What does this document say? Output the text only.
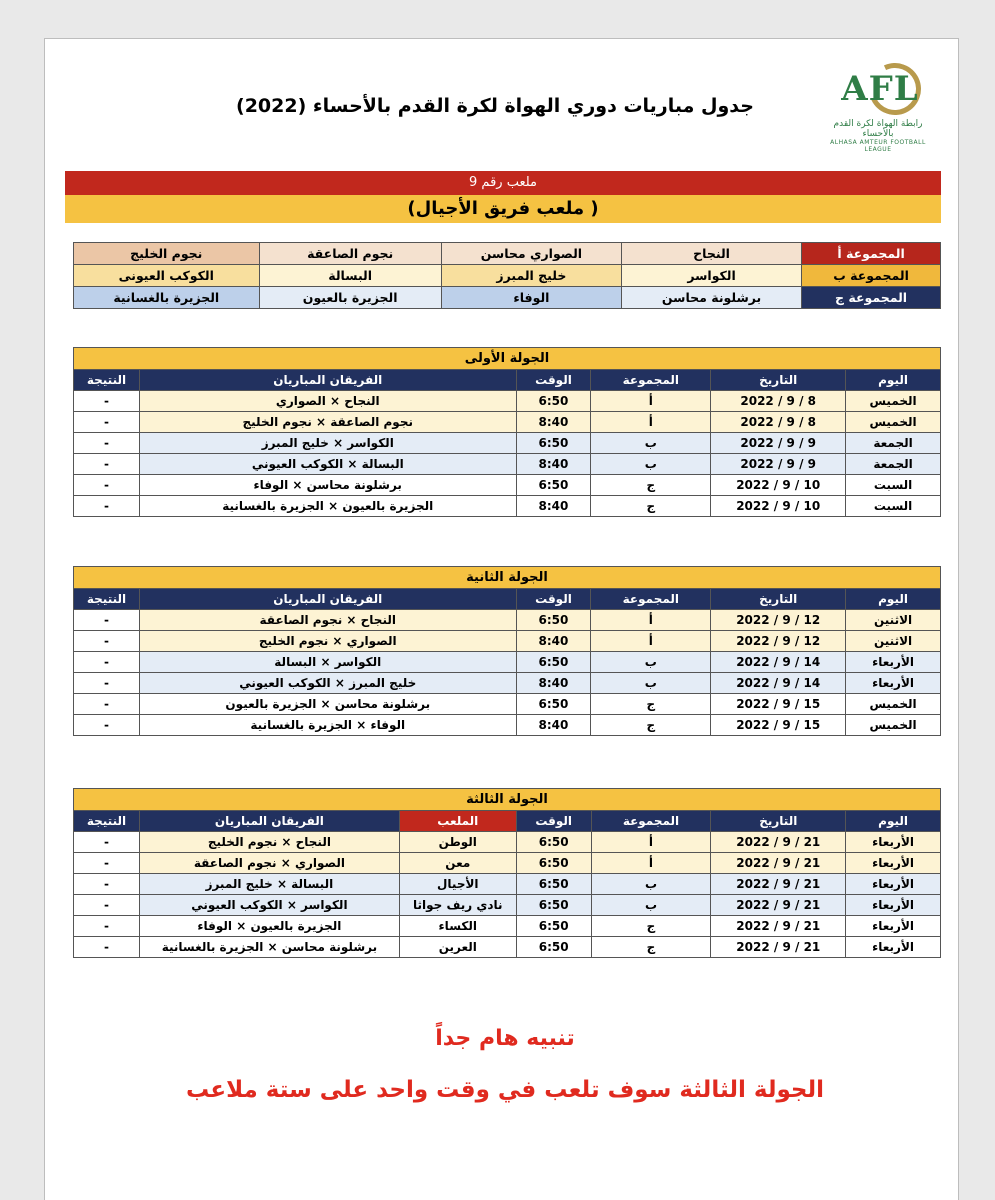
AFL
رابطة الهواة لكرة القدم بالأحساء
ALHASA AMTEUR FOOTBALL LEAGUE
جدول مباريات دوري الهواة لكرة القدم بالأحساء (2022)
ملعب رقم 9
( ملعب فريق الأجيال)
المجموعة أ	النجاح	الصواري محاسن	نجوم الصاعقة	نجوم الخليج
المجموعة ب	الكواسر	خليج المبرز	البسالة	الكوكب العيونى
المجموعة ج	برشلونة محاسن	الوفاء	الجزيرة بالعيون	الجزيرة بالغسانية
الجولة الأولى					
اليوم	التاريخ	المجموعة	الوقت	الفريقان المباريان	النتيجة
الخميس	8 / 9 / 2022	أ	6:50	النجاح × الصواري	-
الخميس	8 / 9 / 2022	أ	8:40	نجوم الصاعقة × نجوم الخليج	-
الجمعة	9 / 9 / 2022	ب	6:50	الكواسر × خليج المبرز	-
الجمعة	9 / 9 / 2022	ب	8:40	البسالة × الكوكب العيوني	-
السبت	10 / 9 / 2022	ج	6:50	برشلونة محاسن × الوفاء	-
السبت	10 / 9 / 2022	ج	8:40	الجزيرة بالعيون × الجزيرة بالغسانية	-
الجولة الثانية					
اليوم	التاريخ	المجموعة	الوقت	الفريقان المباريان	النتيجة
الاثنين	12 / 9 / 2022	أ	6:50	النجاح × نجوم الصاعقة	-
الاثنين	12 / 9 / 2022	أ	8:40	الصواري × نجوم الخليج	-
الأربعاء	14 / 9 / 2022	ب	6:50	الكواسر × البسالة	-
الأربعاء	14 / 9 / 2022	ب	8:40	خليج المبرز × الكوكب العيوني	-
الخميس	15 / 9 / 2022	ج	6:50	برشلونة محاسن × الجزيرة بالعيون	-
الخميس	15 / 9 / 2022	ج	8:40	الوفاء × الجزيرة بالغسانية	-
الجولة الثالثة						
اليوم	التاريخ	المجموعة	الوقت	الملعب	الفريقان المباريان	النتيجة
الأربعاء	21 / 9 / 2022	أ	6:50	الوطن	النجاح × نجوم الخليج	-
الأربعاء	21 / 9 / 2022	أ	6:50	معن	الصواري × نجوم الصاعقة	-
الأربعاء	21 / 9 / 2022	ب	6:50	الأجيال	البسالة × خليج المبرز	-
الأربعاء	21 / 9 / 2022	ب	6:50	نادي ريف جواثا	الكواسر × الكوكب العيوني	-
الأربعاء	21 / 9 / 2022	ج	6:50	الكساء	الجزيرة بالعيون × الوفاء	-
الأربعاء	21 / 9 / 2022	ج	6:50	العرين	برشلونة محاسن × الجزيرة بالغسانية	-
تنبيه هام جداً
الجولة الثالثة سوف تلعب في وقت واحد على ستة ملاعب
